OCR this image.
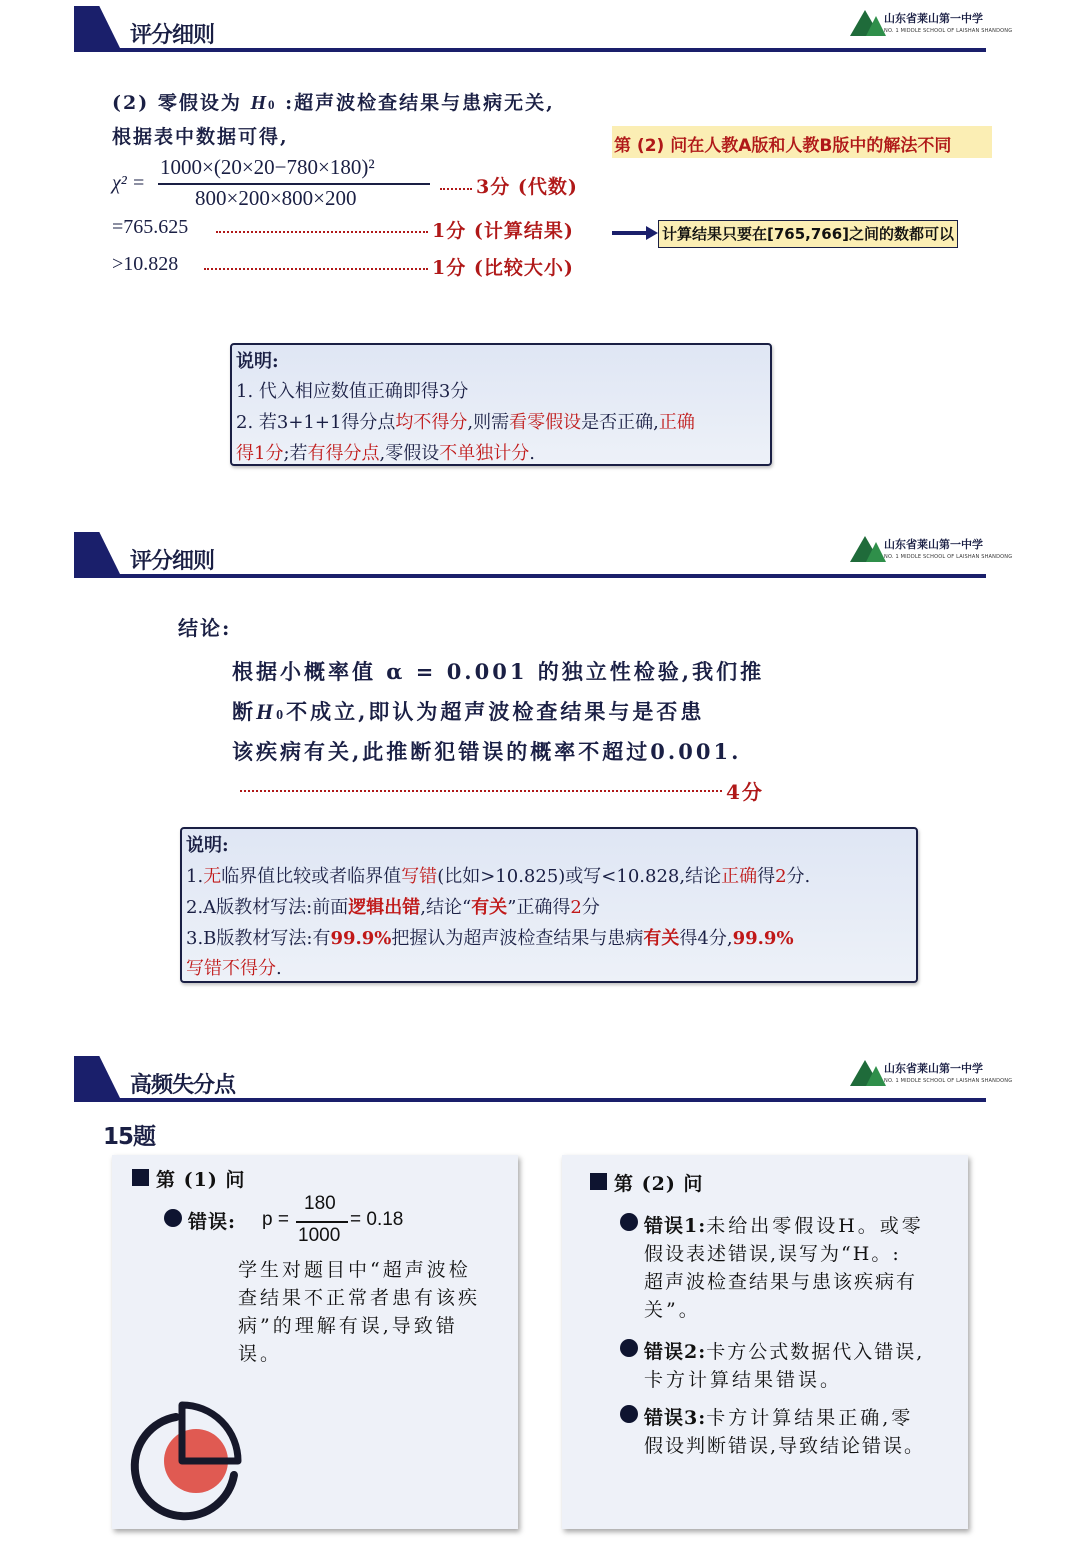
评分细则
山东省莱山第一中学
NO. 1 MIDDLE SCHOOL OF LAISHAN SHANDONG
(2) 零假设为 H0 :超声波检查结果与患病无关,
根据表中数据可得,
χ² =
1000×(20×20−780×180)²
800×200×800×200	3分 (代数)
=765.625	1分 (计算结果)
>10.828	1分 (比较大小)
第 (2) 问在人教A版和人教B版中的解法不同
计算结果只要在[765,766]之间的数都可以
说明:
1. 代入相应数值正确即得3分
2. 若3+1+1得分点均不得分,则需看零假设是否正确,正确
得1分;若有得分点,零假设不单独计分.
评分细则
山东省莱山第一中学
NO. 1 MIDDLE SCHOOL OF LAISHAN SHANDONG
结论:
根据小概率值 α = 0.001 的独立性检验,我们推
断H0不成立,即认为超声波检查结果与是否患
该疾病有关,此推断犯错误的概率不超过0.001.
4分
说明:
1.无临界值比较或者临界值写错(比如>10.825)或写<10.828,结论正确得2分.
2.A版教材写法:前面逻辑出错,结论“有关”正确得2分
3.B版教材写法:有99.9%把握认为超声波检查结果与患病有关得4分,99.9%
写错不得分.
高频失分点
山东省莱山第一中学
NO. 1 MIDDLE SCHOOL OF LAISHAN SHANDONG
15题
第 (1) 问
错误: p =
180
1000
= 0.18
学生对题目中“超声波检
查结果不正常者患有该疾
病”的理解有误,导致错
误。
第 (2) 问
错误1:未给出零假设H。或零
假设表述错误,误写为“H。:
超声波检查结果与患该疾病有
关”。
错误2:卡方公式数据代入错误,
卡方计算结果错误。
错误3:卡方计算结果正确,零
假设判断错误,导致结论错误。
